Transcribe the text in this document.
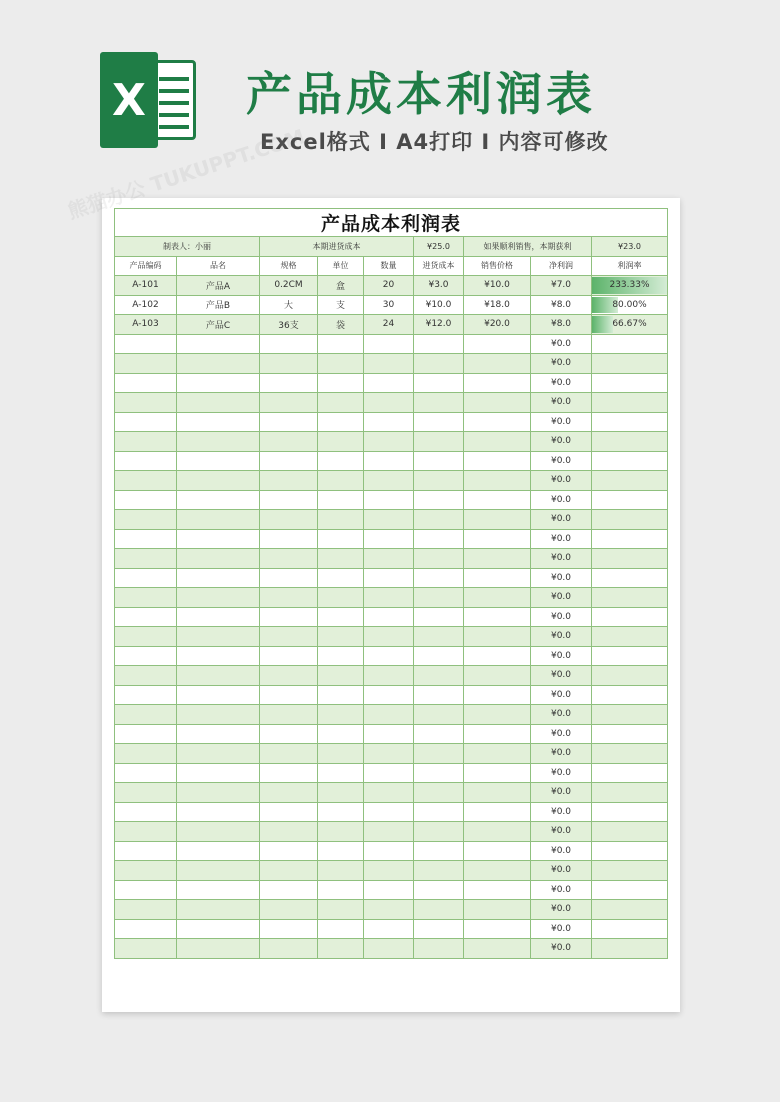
X 产品成本利润表
Excel格式 I A4打印 I 内容可修改
产品成本利润表								
制表人：小丽		本期进货成本			¥25.0	如果顺利销售，本期获利		¥23.0
产品编码	品名	规格	单位	数量	进货成本	销售价格	净利润	利润率
A-101	产品A	0.2CM	盒	20	¥3.0	¥10.0	¥7.0	233.33%
A-102	产品B	大	支	30	¥10.0	¥18.0	¥8.0	80.00%
A-103	产品C	36支	袋	24	¥12.0	¥20.0	¥8.0	66.67%
							¥0.0	
							¥0.0	
							¥0.0	
							¥0.0	
							¥0.0	
							¥0.0	
							¥0.0	
							¥0.0	
							¥0.0	
							¥0.0	
							¥0.0	
							¥0.0	
							¥0.0	
							¥0.0	
							¥0.0	
							¥0.0	
							¥0.0	
							¥0.0	
							¥0.0	
							¥0.0	
							¥0.0	
							¥0.0	
							¥0.0	
							¥0.0	
							¥0.0	
							¥0.0	
							¥0.0	
							¥0.0	
							¥0.0	
							¥0.0	
							¥0.0	
							¥0.0	
熊猫办公 TUKUPPT.COM
